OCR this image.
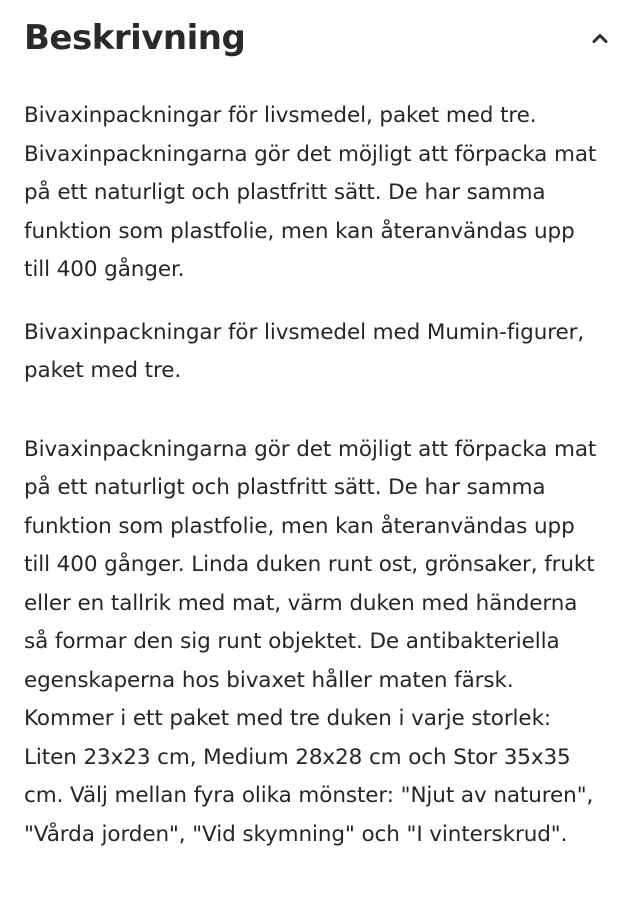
Beskrivning

Bivaxinpackningar för livsmedel, paket med tre.
Bivaxinpackningarna gör det möjligt att förpacka mat
på ett naturligt och plastfritt sätt. De har samma
funktion som plastfolie, men kan återanvändas upp
till 400 gånger.

Bivaxinpackningar för livsmedel med Mumin-figurer,
paket med tre.

Bivaxinpackningarna gör det möjligt att förpacka mat
på ett naturligt och plastfritt sätt. De har samma
funktion som plastfolie, men kan återanvändas upp
till 400 gånger. Linda duken runt ost, grönsaker, frukt
eller en tallrik med mat, värm duken med händerna
så formar den sig runt objektet. De antibakteriella
egenskaperna hos bivaxet håller maten färsk.
Kommer i ett paket med tre duken i varje storlek:
Liten 23x23 cm, Medium 28x28 cm och Stor 35x35
cm. Välj mellan fyra olika mönster: "Njut av naturen",
"Vårda jorden", "Vid skymning" och "I vinterskrud".
